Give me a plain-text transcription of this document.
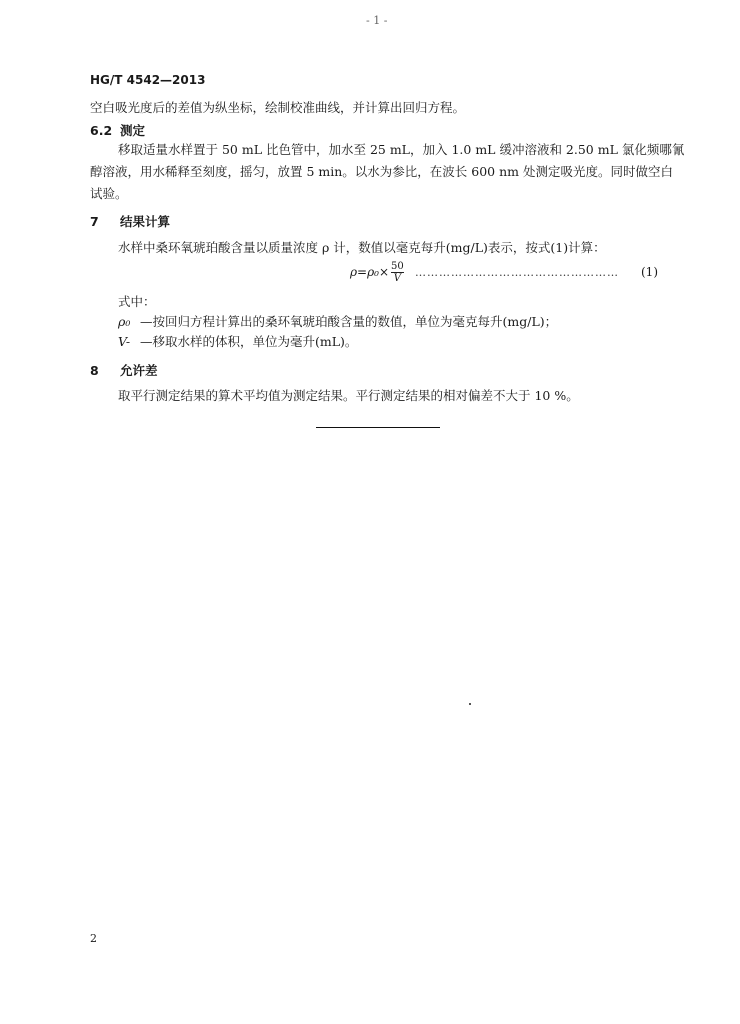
- 1 -
HG/T 4542—2013
空白吸光度后的差值为纵坐标，绘制校准曲线，并计算出回归方程。
6.2 测定
移取适量水样置于 50 mL 比色管中，加水至 25 mL，加入 1.0 mL 缓冲溶液和 2.50 mL 氯化频哪氰
醇溶液，用水稀释至刻度，摇匀，放置 5 min。以水为参比，在波长 600 nm 处测定吸光度。同时做空白
试验。
7 结果计算
水样中桑环氧琥珀酸含量以质量浓度 ρ 计，数值以毫克每升(mg/L)表示，按式(1)计算：
$\rho=\rho_0\times \frac{50}{V}$ …………………………………………… (1)
式中：
ρ₀ —按回归方程计算出的桑环氧琥珀酸含量的数值，单位为毫克每升(mg/L)；
V- —移取水样的体积，单位为毫升(mL)。
8 允许差
取平行测定结果的算术平均值为测定结果。平行测定结果的相对偏差不大于 10 %。
2
